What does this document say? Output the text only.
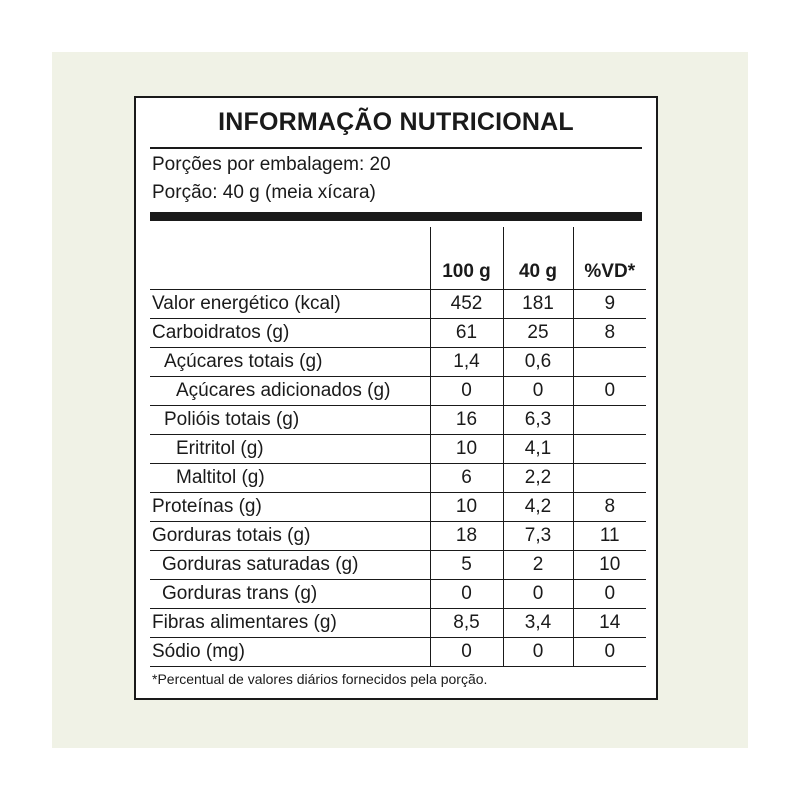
INFORMAÇÃO NUTRICIONAL
Porções por embalagem: 20
Porção: 40 g (meia xícara)
	100 g	40 g	%VD*
Valor energético (kcal)	452	181	9
Carboidratos (g)	61	25	8
Açúcares totais (g)	1,4	0,6	
Açúcares adicionados (g)	0	0	0
Polióis totais (g)	16	6,3	
Eritritol (g)	10	4,1	
Maltitol (g)	6	2,2	
Proteínas (g)	10	4,2	8
Gorduras totais (g)	18	7,3	11
Gorduras saturadas (g)	5	2	10
Gorduras trans (g)	0	0	0
Fibras alimentares (g)	8,5	3,4	14
Sódio (mg)	0	0	0
*Percentual de valores diários fornecidos pela porção.
